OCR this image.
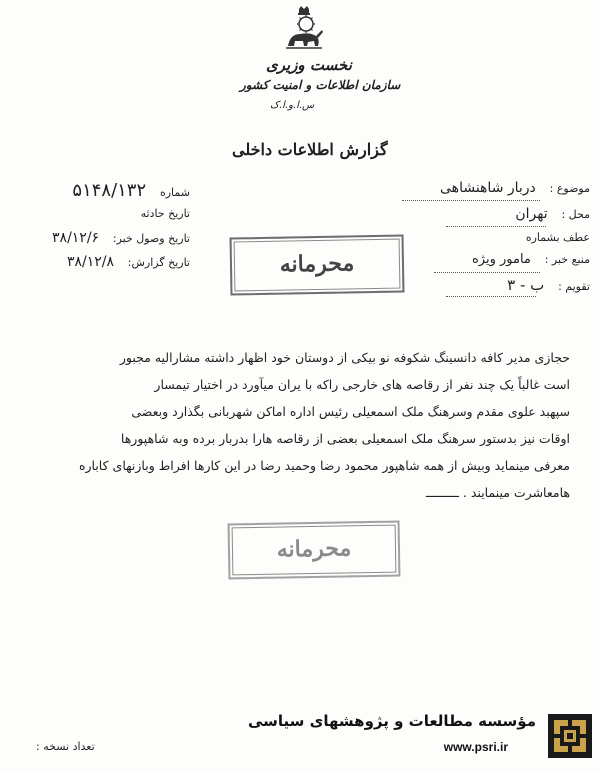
نخست وزیری
سازمان اطلاعات و امنیت کشور
س.ا.و.ا.ک
گزارش اطلاعات داخلی
شماره ۵۱۴۸/۱۳۲
تاریخ حادثه
تاریخ وصول خبر: ۳۸/۱۲/۶
تاریخ گزارش: ۳۸/۱۲/۸
موضوع : دربار شاهنشاهی
محل : تهران
عطف بشماره
منبع خبر : مامور ویژه
تقویم : ب - ۳
محرمانه

حجازی مدیر کافه دانسینگ شکوفه نو بیکی از دوستان خود اظهار داشته مشارالیه مجبور

است غالباً یک چند نفر از رقاصه های خارجی راکه با یران میآورد در اختیار تیمسار

سپهبد علوی مقدم وسرهنگ ملک اسمعیلی رئیس اداره اماکن شهربانی بگذارد وبعضی

اوقات نیز بدستور سرهنگ ملک اسمعیلی بعضی از رقاصه هارا بدربار برده وبه شاهپورها

معرفی مینماید وبیش از همه شاهپور محمود رضا وحمید رضا در این کارها افراط وبازنهای کاباره

هامعاشرت مینمایند . ـــــــــ

محرمانه
تعداد نسخه :
مؤسسه مطالعات و پژوهشهای سیاسی
www.psri.ir
